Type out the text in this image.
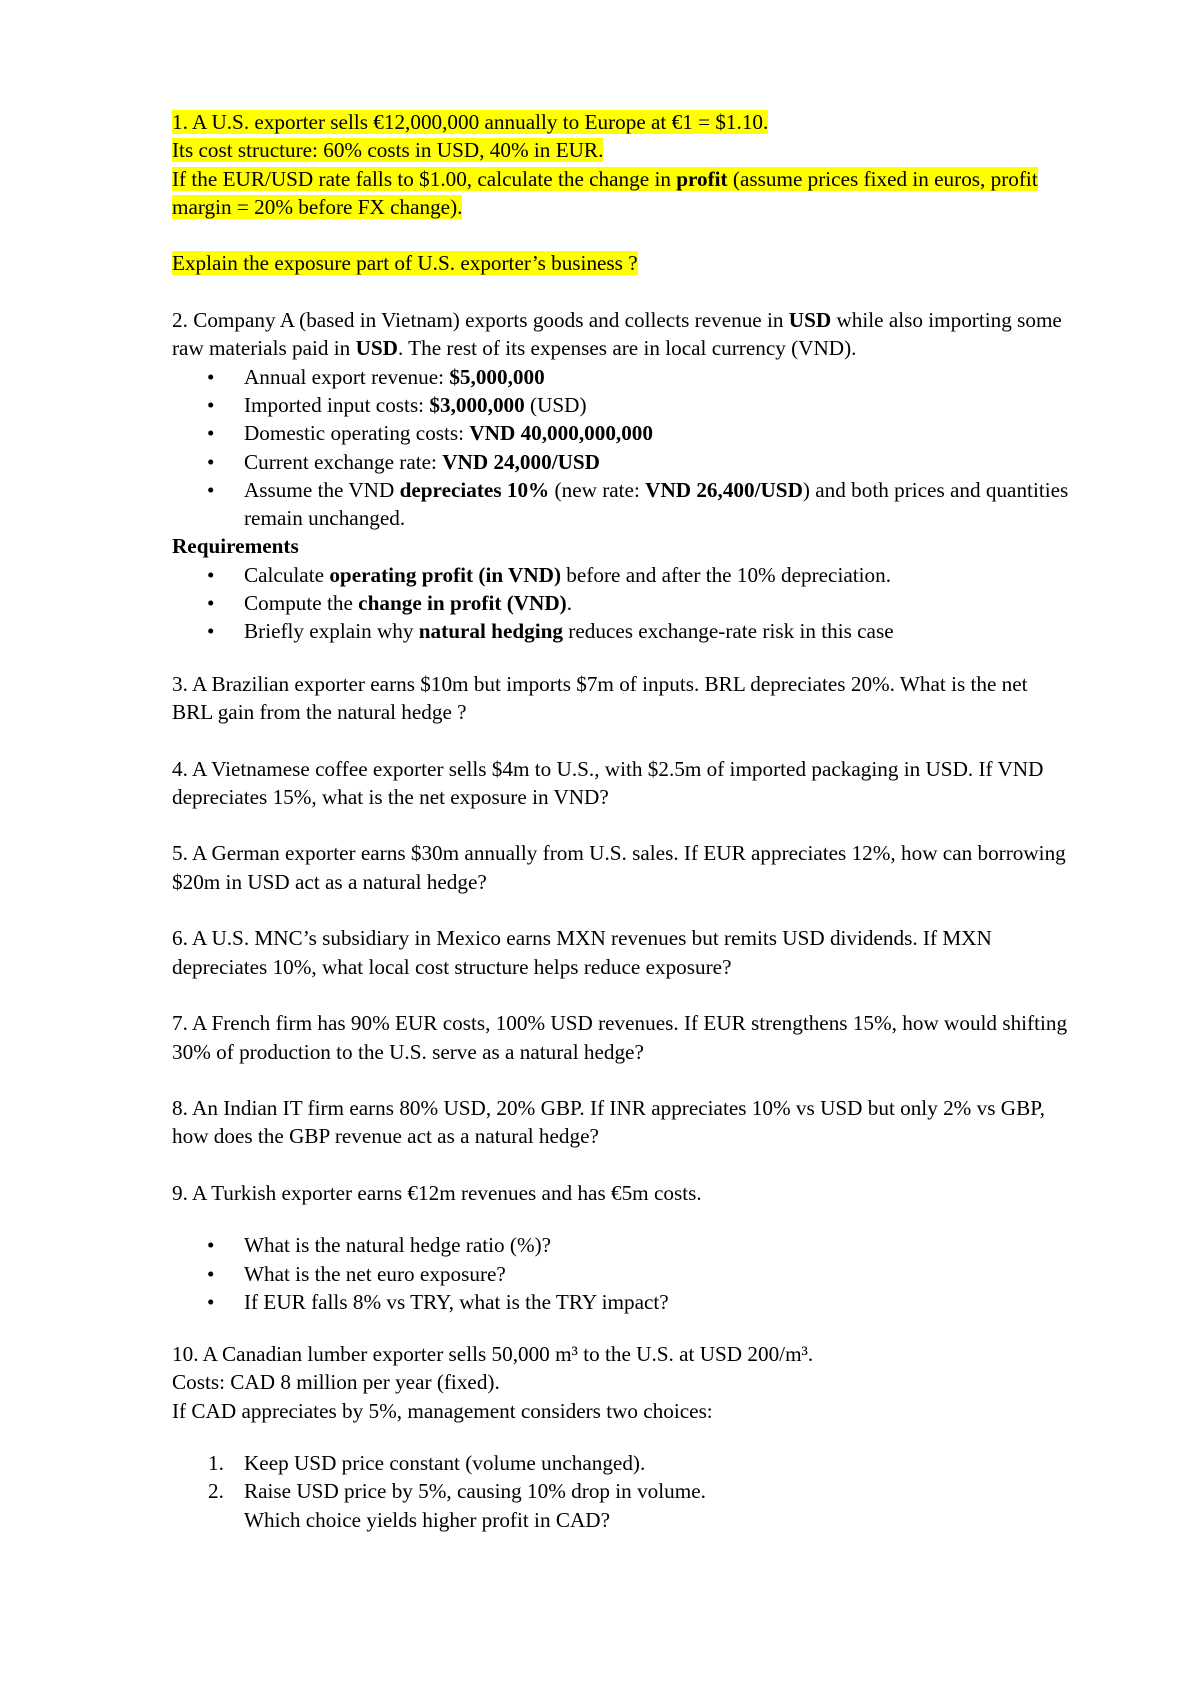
1. A U.S. exporter sells €12,000,000 annually to Europe at €1 = $1.10.

Its cost structure: 60% costs in USD, 40% in EUR.

If the EUR/USD rate falls to $1.00, calculate the change in profit (assume prices fixed in euros, profit margin = 20% before FX change).

Explain the exposure part of U.S. exporter’s business ?

2. Company A (based in Vietnam) exports goods and collects revenue in USD while also importing some raw materials paid in USD. The rest of its expenses are in local currency (VND).

• Annual export revenue: $5,000,000
• Imported input costs: $3,000,000 (USD)
• Domestic operating costs: VND 40,000,000,000
• Current exchange rate: VND 24,000/USD
• Assume the VND depreciates 10% (new rate: VND 26,400/USD) and both prices and quantities remain unchanged.

Requirements

• Calculate operating profit (in VND) before and after the 10% depreciation.
• Compute the change in profit (VND).
• Briefly explain why natural hedging reduces exchange-rate risk in this case

3. A Brazilian exporter earns $10m but imports $7m of inputs. BRL depreciates 20%. What is the net BRL gain from the natural hedge ?

4. A Vietnamese coffee exporter sells $4m to U.S., with $2.5m of imported packaging in USD. If VND depreciates 15%, what is the net exposure in VND?

5. A German exporter earns $30m annually from U.S. sales. If EUR appreciates 12%, how can borrowing $20m in USD act as a natural hedge?

6. A U.S. MNC’s subsidiary in Mexico earns MXN revenues but remits USD dividends. If MXN depreciates 10%, what local cost structure helps reduce exposure?

7. A French firm has 90% EUR costs, 100% USD revenues. If EUR strengthens 15%, how would shifting 30% of production to the U.S. serve as a natural hedge?

8. An Indian IT firm earns 80% USD, 20% GBP. If INR appreciates 10% vs USD but only 2% vs GBP, how does the GBP revenue act as a natural hedge?

9. A Turkish exporter earns €12m revenues and has €5m costs.

• What is the natural hedge ratio (%)?
• What is the net euro exposure?
• If EUR falls 8% vs TRY, what is the TRY impact?

10. A Canadian lumber exporter sells 50,000 m³ to the U.S. at USD 200/m³.

Costs: CAD 8 million per year (fixed).

If CAD appreciates by 5%, management considers two choices:

1. Keep USD price constant (volume unchanged).
2. Raise USD price by 5%, causing 10% drop in volume.
Which choice yields higher profit in CAD?
